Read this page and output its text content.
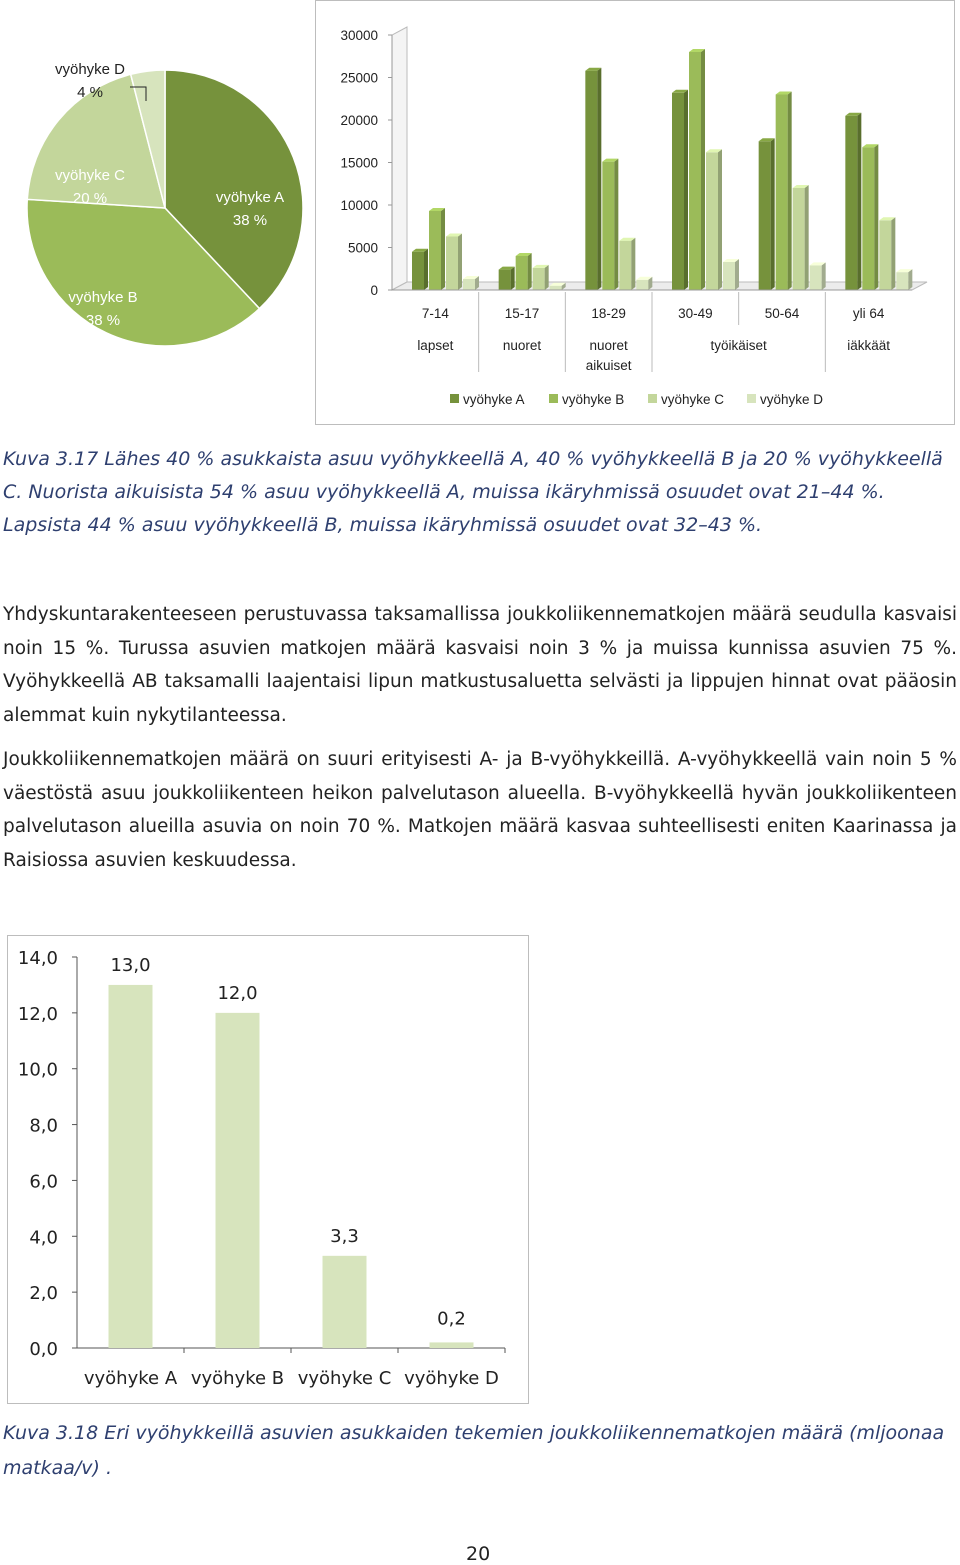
vyöhyke A
38 %
vyöhyke B
38 %
vyöhyke C
20 %
vyöhyke D
4 %
0
5000
10000
15000
20000
25000
30000
7-14	15-17	18-29	30-49	50-64	yli 64
lapset	nuoret	nuoret aikuiset
työikäiset	iäkkäät
vyöhyke A	vyöhyke B	vyöhyke C	vyöhyke D
Kuva 3.17 Lähes 40 % asukkaista asuu vyöhykkeellä A, 40 % vyöhykkeellä B ja 20 % vyöhykkeellä C. Nuorista aikuisista 54 % asuu vyöhykkeellä A, muissa ikäryhmissä osuudet ovat 21–44 %. Lapsista 44 % asuu vyöhykkeellä B, muissa ikäryhmissä osuudet ovat 32–43 %.
Yhdyskuntarakenteeseen perustuvassa taksamallissa joukkoliikennematkojen määrä seudulla kasvaisi noin 15 %. Turussa asuvien matkojen määrä kasvaisi noin 3 % ja muissa kunnissa asuvien 75 %. Vyöhykkeellä AB taksamalli laajentaisi lipun matkustusaluetta selvästi ja lippujen hinnat ovat pääosin alemmat kuin nykytilanteessa.
Joukkoliikennematkojen määrä on suuri erityisesti A- ja B-vyöhykkeillä. A-vyöhykkeellä vain noin 5 % väestöstä asuu joukkoliikenteen heikon palvelutason alueella. B-vyöhykkeellä hyvän joukkoliikenteen palvelutason alueilla asuvia on noin 70 %. Matkojen määrä kasvaa suhteellisesti eniten Kaarinassa ja Raisiossa asuvien keskuudessa.
0,0
2,0
4,0
6,0
8,0
10,0
12,0
14,0	13,0
vyöhyke A
12,0
vyöhyke B
3,3
vyöhyke C
0,2
vyöhyke D
Kuva 3.18 Eri vyöhykkeillä asuvien asukkaiden tekemien joukkoliikennematkojen määrä (mljoonaa matkaa/v) .
20
